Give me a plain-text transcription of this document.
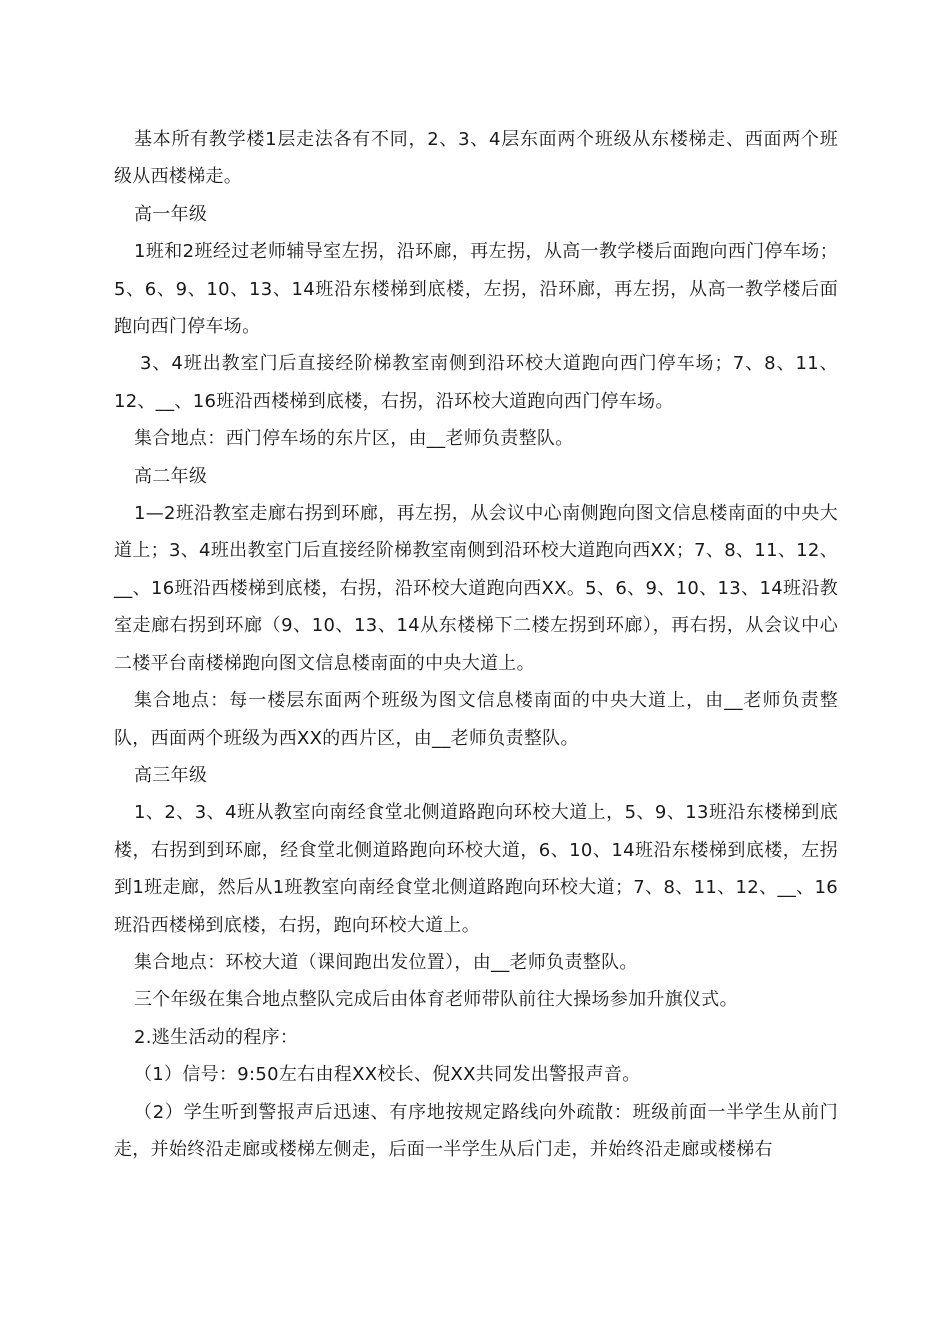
基本所有教学楼1层走法各有不同，2、3、4层东面两个班级从东楼梯走、西面两个班级从西楼梯走。

高一年级

1班和2班经过老师辅导室左拐，沿环廊，再左拐，从高一教学楼后面跑向西门停车场；5、6、9、10、13、14班沿东楼梯到底楼，左拐，沿环廊，再左拐，从高一教学楼后面跑向西门停车场。

3、4班出教室门后直接经阶梯教室南侧到沿环校大道跑向西门停车场；7、8、11、12、__、16班沿西楼梯到底楼，右拐，沿环校大道跑向西门停车场。

集合地点：西门停车场的东片区，由__老师负责整队。

高二年级

1—2班沿教室走廊右拐到环廊，再左拐，从会议中心南侧跑向图文信息楼南面的中央大道上；3、4班出教室门后直接经阶梯教室南侧到沿环校大道跑向西XX；7、8、11、12、__、16班沿西楼梯到底楼，右拐，沿环校大道跑向西XX。5、6、9、10、13、14班沿教室走廊右拐到环廊（9、10、13、14从东楼梯下二楼左拐到环廊），再右拐，从会议中心二楼平台南楼梯跑向图文信息楼南面的中央大道上。

集合地点：每一楼层东面两个班级为图文信息楼南面的中央大道上，由__老师负责整队，西面两个班级为西XX的西片区，由__老师负责整队。

高三年级

1、2、3、4班从教室向南经食堂北侧道路跑向环校大道上，5、9、13班沿东楼梯到底楼，右拐到到环廊，经食堂北侧道路跑向环校大道，6、10、14班沿东楼梯到底楼，左拐到1班走廊，然后从1班教室向南经食堂北侧道路跑向环校大道；7、8、11、12、__、16班沿西楼梯到底楼，右拐，跑向环校大道上。

集合地点：环校大道（课间跑出发位置），由__老师负责整队。

三个年级在集合地点整队完成后由体育老师带队前往大操场参加升旗仪式。

2.逃生活动的程序：

（1）信号：9:50左右由程XX校长、倪XX共同发出警报声音。

（2）学生听到警报声后迅速、有序地按规定路线向外疏散：班级前面一半学生从前门走，并始终沿走廊或楼梯左侧走，后面一半学生从后门走，并始终沿走廊或楼梯右
